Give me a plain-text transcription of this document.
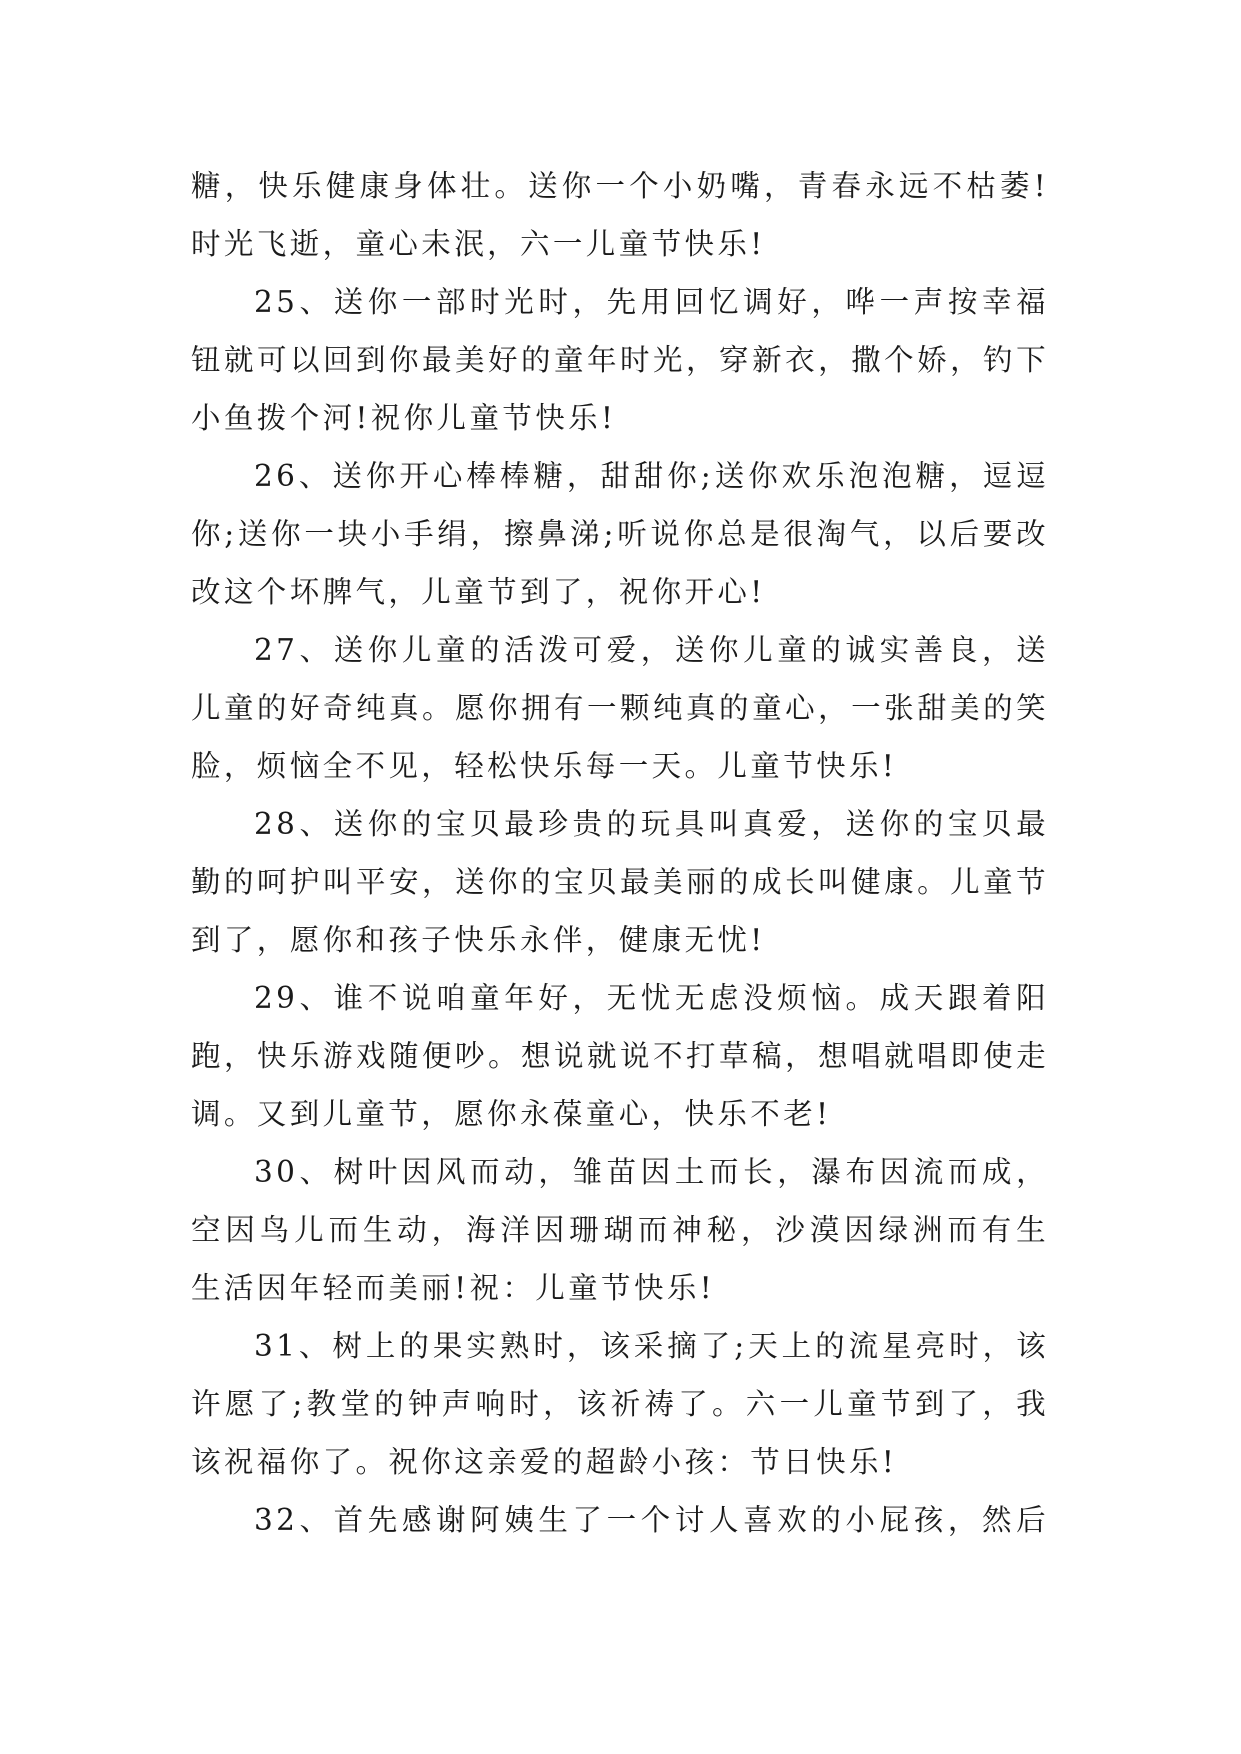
糖，快乐健康身体壮。送你一个小奶嘴，青春永远不枯萎!
时光飞逝，童心未泯，六一儿童节快乐!
25、送你一部时光时，先用回忆调好，哗一声按幸福
钮就可以回到你最美好的童年时光，穿新衣，撒个娇，钓下
小鱼拨个河!祝你儿童节快乐!
26、送你开心棒棒糖，甜甜你;送你欢乐泡泡糖，逗逗
你;送你一块小手绢，擦鼻涕;听说你总是很淘气，以后要改
改这个坏脾气，儿童节到了，祝你开心!
27、送你儿童的活泼可爱，送你儿童的诚实善良，送
儿童的好奇纯真。愿你拥有一颗纯真的童心，一张甜美的笑
脸，烦恼全不见，轻松快乐每一天。儿童节快乐!
28、送你的宝贝最珍贵的玩具叫真爱，送你的宝贝最
勤的呵护叫平安，送你的宝贝最美丽的成长叫健康。儿童节
到了，愿你和孩子快乐永伴，健康无忧!
29、谁不说咱童年好，无忧无虑没烦恼。成天跟着阳
跑，快乐游戏随便吵。想说就说不打草稿，想唱就唱即使走
调。又到儿童节，愿你永葆童心，快乐不老!
30、树叶因风而动，雏苗因土而长，瀑布因流而成，
空因鸟儿而生动，海洋因珊瑚而神秘，沙漠因绿洲而有生
生活因年轻而美丽!祝：儿童节快乐!
31、树上的果实熟时，该采摘了;天上的流星亮时，该
许愿了;教堂的钟声响时，该祈祷了。六一儿童节到了，我
该祝福你了。祝你这亲爱的超龄小孩：节日快乐!
32、首先感谢阿姨生了一个讨人喜欢的小屁孩，然后
